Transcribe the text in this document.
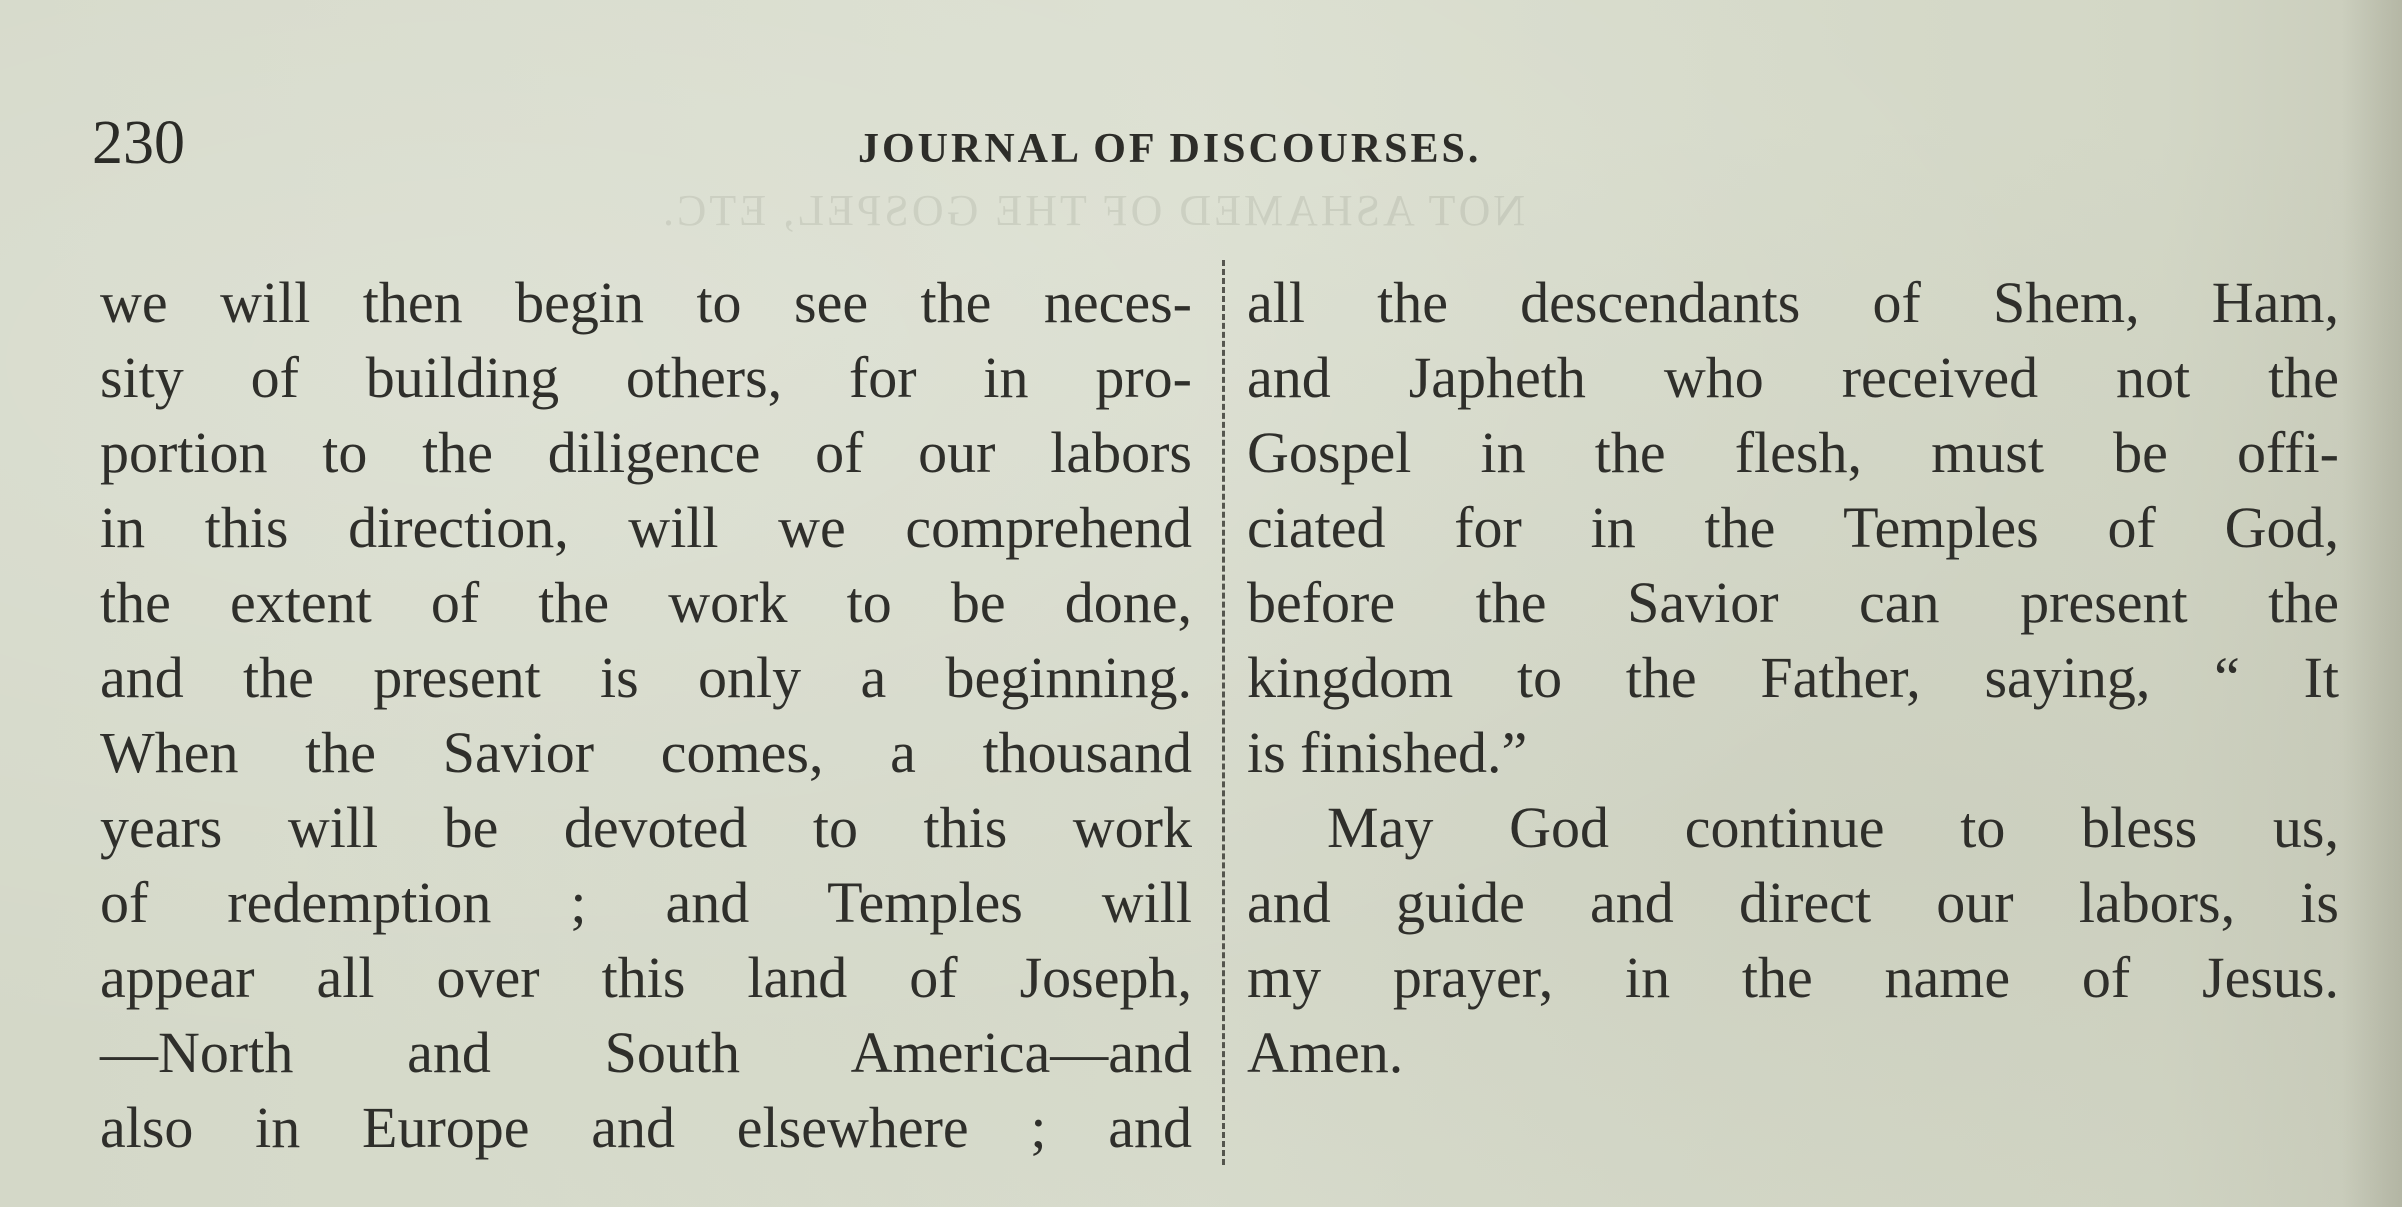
NOT ASHAMED OF THE GOSPEL, ETC.
230	JOURNAL OF DISCOURSES.
we will then begin to see the neces-
sity of building others, for in pro-
portion to the diligence of our labors
in this direction, will we comprehend
the extent of the work to be done,
and the present is only a beginning.
When the Savior comes, a thousand
years will be devoted to this work
of redemption ; and Temples will
appear all over this land of Joseph,
—North and South America—and
also in Europe and elsewhere ; and
all the descendants of Shem, Ham,
and Japheth who received not the
Gospel in the flesh, must be offi-
ciated for in the Temples of God,
before the Savior can present the
kingdom to the Father, saying, “ It
is finished.”
May God continue to bless us,
and guide and direct our labors, is
my prayer, in the name of Jesus.
Amen.
